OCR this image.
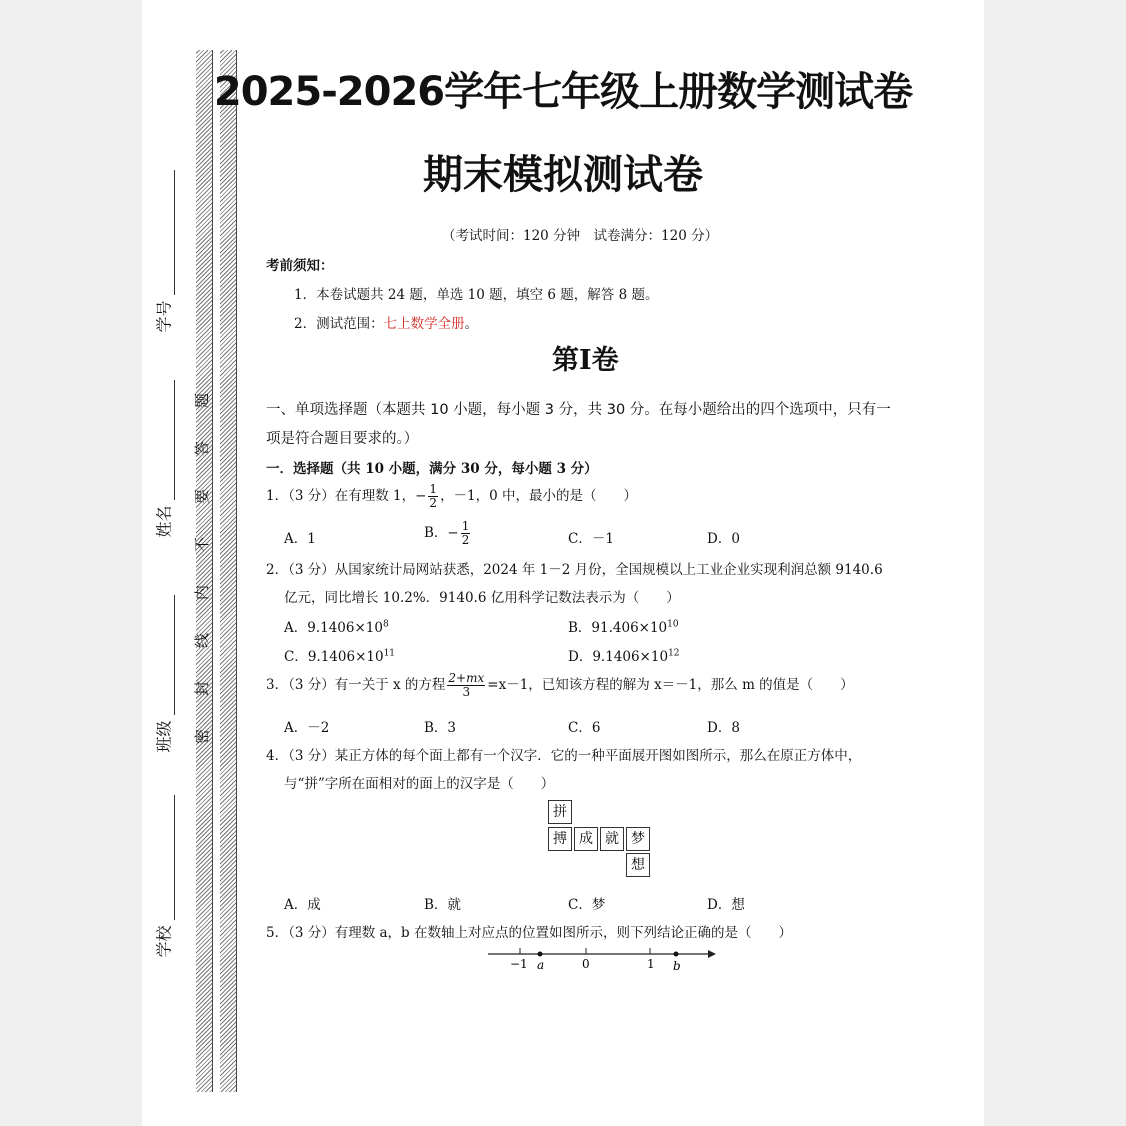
题
答
要
不
内
线
封
密
学号
姓名
班级
学校
2025-2026学年七年级上册数学测试卷
期末模拟测试卷
（考试时间：120 分钟　试卷满分：120 分）
考前须知：
1．本卷试题共 24 题，单选 10 题，填空 6 题，解答 8 题。
2．测试范围：七上数学全册。
第Ⅰ卷
一、单项选择题（本题共 10 小题，每小题 3 分，共 30 分。在每小题给出的四个选项中，只有一
项是符合题目要求的。）
一．选择题（共 10 小题，满分 30 分，每小题 3 分）
1．（3 分）在有理数 1，− $\frac{1}{2}$ ，－1，0 中，最小的是（　　）
A．1	B．− $\frac{1}{2}$	C．－1	D．0
2．（3 分）从国家统计局网站获悉，2024 年 1－2 月份，全国规模以上工业企业实现利润总额 9140.6
亿元，同比增长 10.2%．9140.6 亿用科学记数法表示为（　　）
A．$9.1406\times 10^8$	B．$91.406\times 10^{10}$
C．$9.1406\times 10^{11}$	D．$9.1406\times 10^{12}$
3．（3 分）有一关于 x 的方程 $\frac{2+mx}{3} =x-1$，已知该方程的解为 x＝－1，那么 m 的值是（　　）
A．－2	B．3	C．6	D．8
4．（3 分）某正方体的每个面上都有一个汉字．它的一种平面展开图如图所示，那么在原正方体中，
与“拼”字所在面相对的面上的汉字是（　　）
拼
搏 成 就 梦
想
A．成	B．就	C．梦	D．想
5．（3 分）有理数 a，b 在数轴上对应点的位置如图所示，则下列结论正确的是（　　）
−1 a	0	1 b
